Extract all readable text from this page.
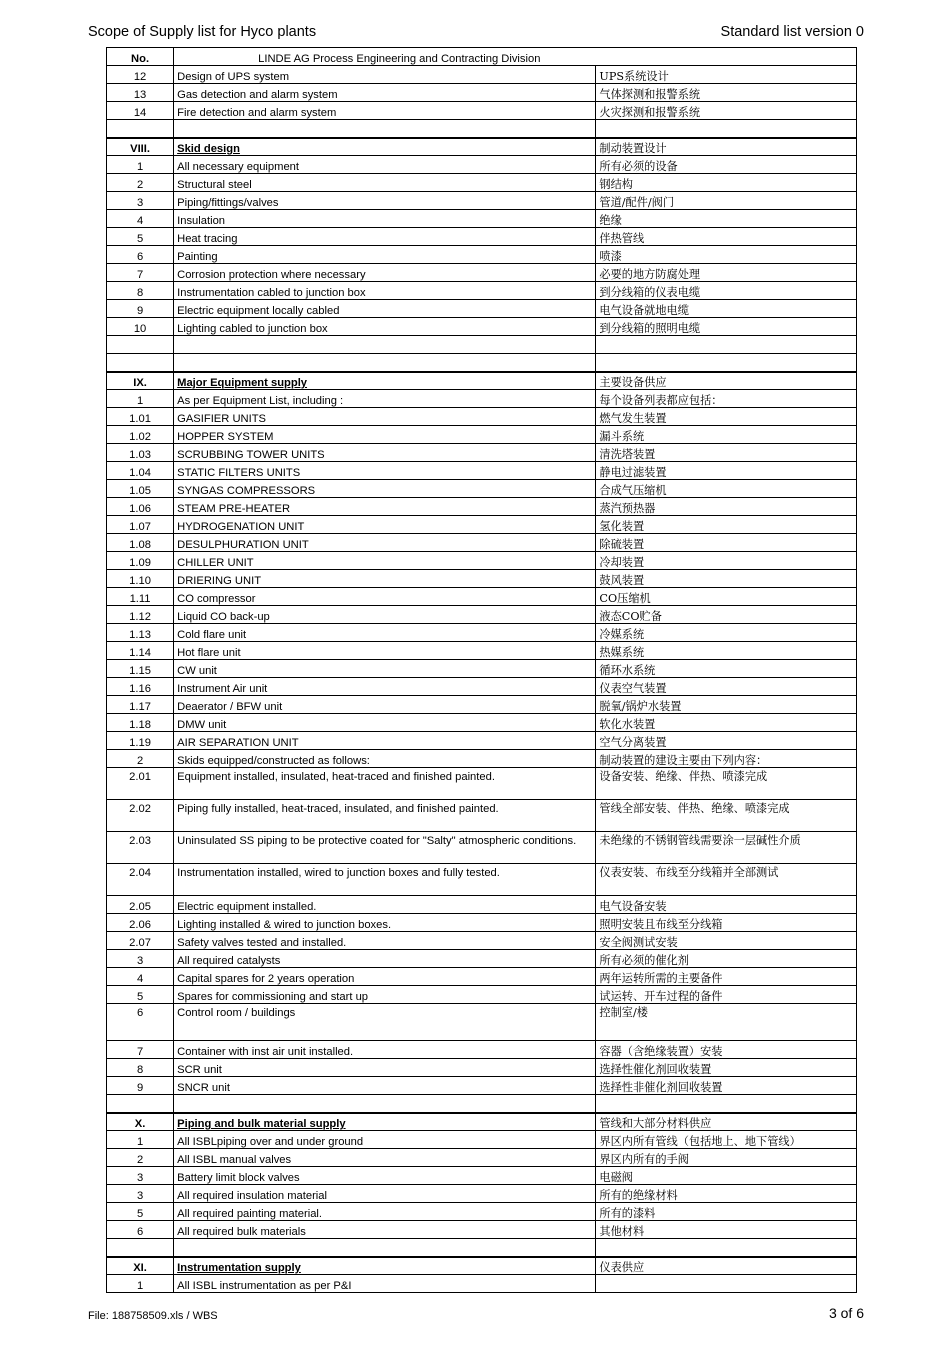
Scope of Supply list for Hyco plants	Standard list version 0
No.	LINDE AG Process Engineering and Contracting Division	
12	Design of UPS system	UPS系统设计
13	Gas detection and alarm system	气体探测和报警系统
14	Fire detection and alarm system	火灾探测和报警系统

VIII.	Skid design	制动装置设计
1	All necessary equipment	所有必须的设备
2	Structural steel	钢结构
3	Piping/fittings/valves	管道/配件/阀门
4	Insulation	绝缘
5	Heat tracing	伴热管线
6	Painting	喷漆
7	Corrosion protection where necessary	必要的地方防腐处理
8	Instrumentation cabled to junction box	到分线箱的仪表电缆
9	Electric equipment locally cabled	电气设备就地电缆
10	Lighting cabled to junction box	到分线箱的照明电缆

IX.	Major Equipment supply	主要设备供应
1	As per Equipment List, including :	每个设备列表都应包括：
1.01	GASIFIER UNITS	燃气发生装置
1.02	HOPPER SYSTEM	漏斗系统
1.03	SCRUBBING TOWER UNITS	清洗塔装置
1.04	STATIC FILTERS UNITS	静电过滤装置
1.05	SYNGAS COMPRESSORS	合成气压缩机
1.06	STEAM PRE-HEATER	蒸汽预热器
1.07	HYDROGENATION UNIT	氢化装置
1.08	DESULPHURATION UNIT	除硫装置
1.09	CHILLER UNIT	冷却装置
1.10	DRIERING UNIT	鼓风装置
1.11	CO compressor	CO压缩机
1.12	Liquid CO back-up	液态CO贮备
1.13	Cold flare unit	冷媒系统
1.14	Hot flare unit	热媒系统
1.15	CW unit	循环水系统
1.16	Instrument Air unit	仪表空气装置
1.17	Deaerator / BFW unit	脱氧/锅炉水装置
1.18	DMW unit	软化水装置
1.19	AIR SEPARATION UNIT	空气分离装置
2	Skids equipped/constructed as follows:	制动装置的建设主要由下列内容：
2.01	Equipment installed, insulated, heat-traced and finished painted.	设备安装、绝缘、伴热、喷漆完成
2.02	Piping fully installed, heat-traced, insulated, and finished painted.	管线全部安装、伴热、绝缘、喷漆完成
2.03	Uninsulated SS piping to be protective coated for "Salty" atmospheric conditions.	未绝缘的不锈钢管线需要涂一层碱性介质
2.04	Instrumentation installed, wired to junction boxes and fully tested.	仪表安装、布线至分线箱并全部测试
2.05	Electric equipment installed.	电气设备安装
2.06	Lighting installed & wired to junction boxes.	照明安装且布线至分线箱
2.07	Safety valves tested and installed.	安全阀测试安装
3	All required catalysts	所有必须的催化剂
4	Capital spares for 2 years operation	两年运转所需的主要备件
5	Spares for commissioning and start up	试运转、开车过程的备件
6	Control room / buildings	控制室/楼
7	Container with inst air unit installed.	容器（含绝缘装置）安装
8	SCR unit	选择性催化剂回收装置
9	SNCR unit	选择性非催化剂回收装置

X.	Piping and bulk material supply	管线和大部分材料供应
1	All ISBLpiping over and under ground	界区内所有管线（包括地上、地下管线）
2	All ISBL manual valves	界区内所有的手阀
3	Battery limit block valves	电磁阀
3	All required insulation material	所有的绝缘材料
5	All required painting material.	所有的漆料
6	All required bulk materials	其他材料

XI.	Instrumentation supply	仪表供应
1	All ISBL instrumentation as per P&I	
File: 188758509.xls / WBS	3 of 6
